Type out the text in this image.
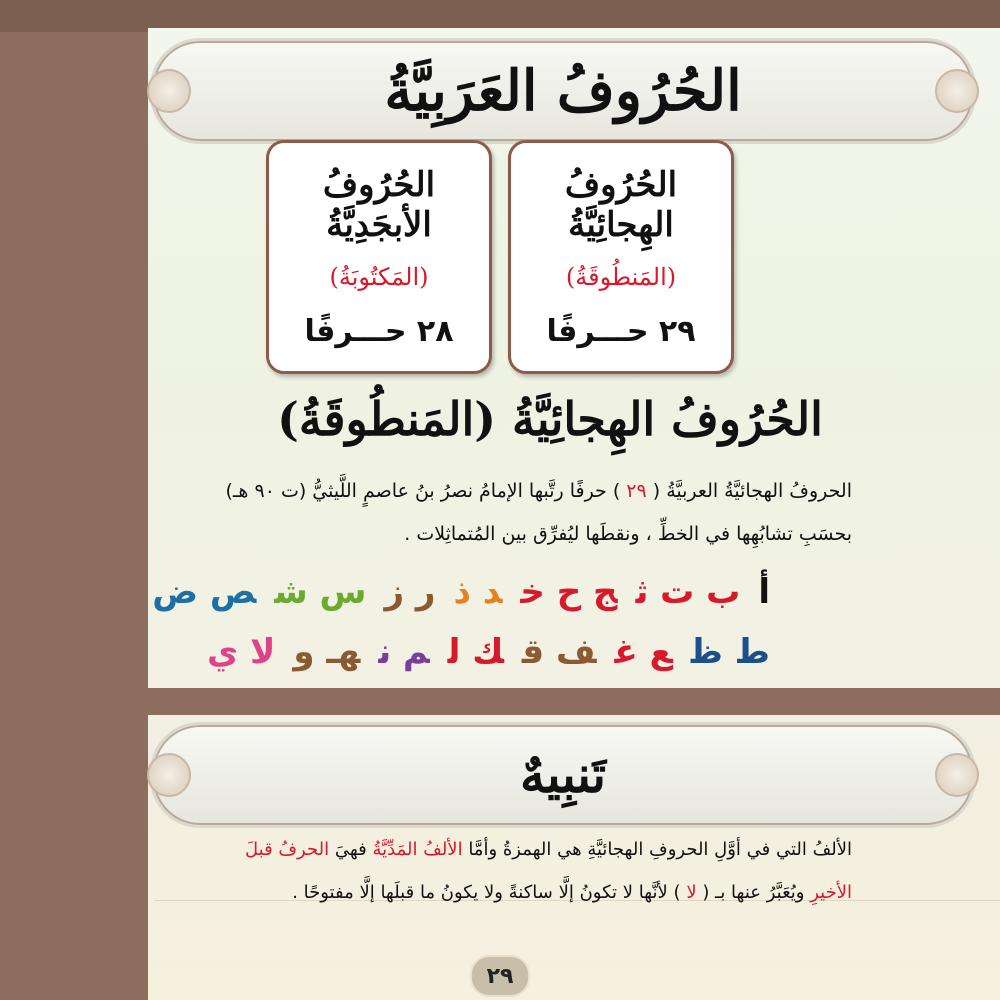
الحُرُوفُ العَرَبِيَّةُ
الحُرُوفُ الهِجائِيَّةُ
(المَنطُوقَةُ)
٢٩ حـــرفًا
الحُرُوفُ الأبجَدِيَّةُ
(المَكتُوبَةُ)
٢٨ حـــرفًا
الحُرُوفُ الهِجائِيَّةُ (المَنطُوقَةُ)
الحروفُ الهجائيَّةُ العربيَّةُ ( ٢٩ ) حرفًا رتَّبها الإمامُ نصرُ بنُ عاصمٍ اللَّيثيُّ (ت ٩٠ هـ)
بحسَبِ تشابُهِها في الخطِّ ، ونقطَها ليُفرِّق بين المُتماثِلات .
أب ت ثج ح خد ذر زس شص ض
ط ظع غف قك لم نهـ ولا ي
تَنبِيهٌ
الألفُ التي في أوَّلِ الحروفِ الهجائيَّةِ هي الهمزةُ وأمَّا الألفُ المَدِّيَّةُ فهيَ الحرفُ قبلَ
الأخيرِ ويُعَبَّرُ عنها بـ ( لا ) لأنَّها لا تكونُ إلَّا ساكنةً ولا يكونُ ما قبلَها إلَّا مفتوحًا .
٢٩
